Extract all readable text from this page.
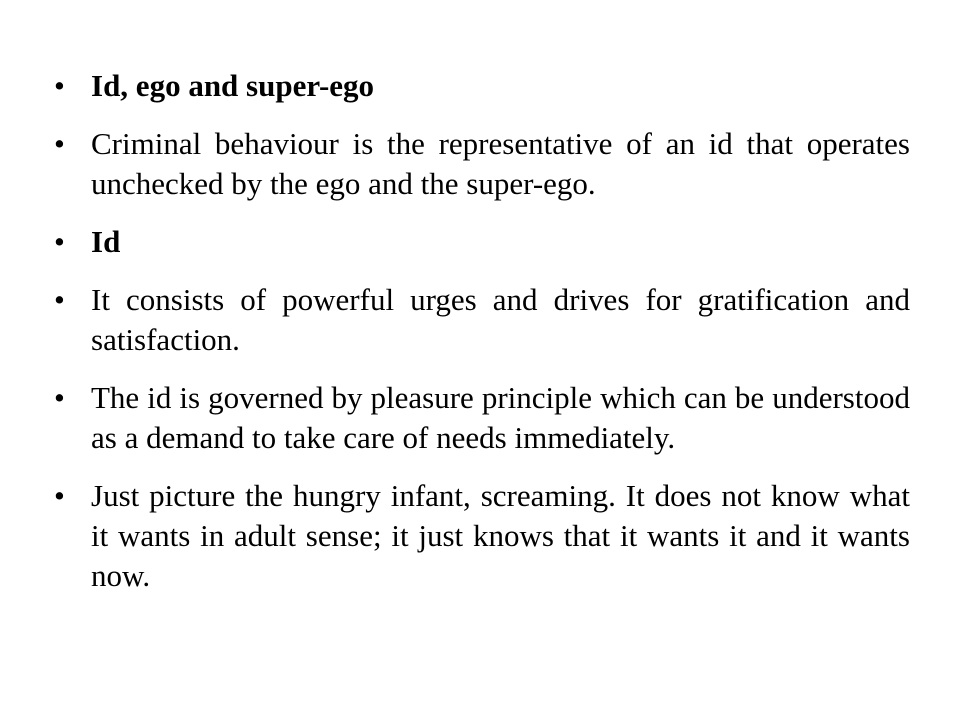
• Id, ego and super-ego
• Criminal behaviour is the representative of an id that operates unchecked by the ego and the super-ego.
• Id
• It consists of powerful urges and drives for gratification and satisfaction.
• The id is governed by pleasure principle which can be understood as a demand to take care of needs immediately.
• Just picture the hungry infant, screaming. It does not know what it wants in adult sense; it just knows that it wants it and it wants now.
